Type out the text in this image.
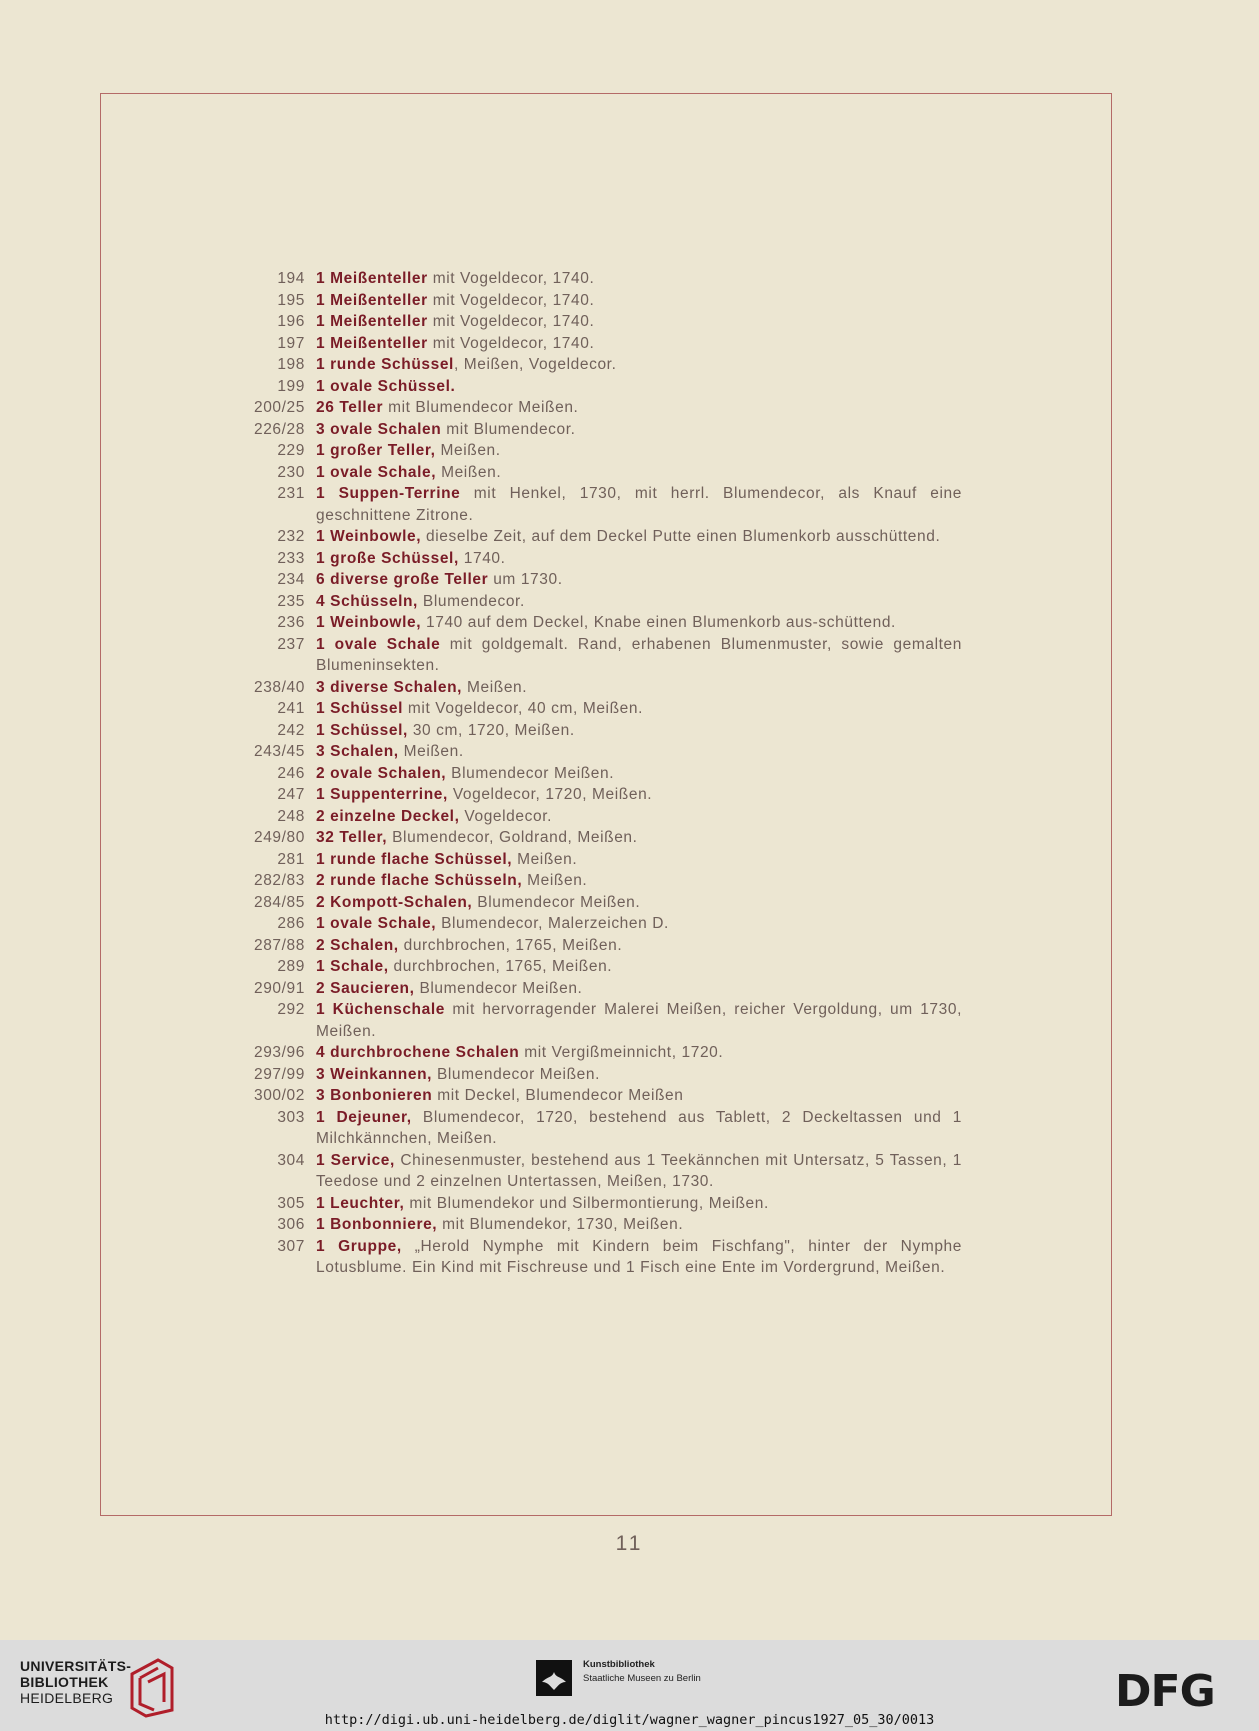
194 1 Meißenteller mit Vogeldecor, 1740.
195 1 Meißenteller mit Vogeldecor, 1740.
196 1 Meißenteller mit Vogeldecor, 1740.
197 1 Meißenteller mit Vogeldecor, 1740.
198 1 runde Schüssel, Meißen, Vogeldecor.
199 1 ovale Schüssel.
200/25 26 Teller mit Blumendecor Meißen.
226/28 3 ovale Schalen mit Blumendecor.
229 1 großer Teller, Meißen.
230 1 ovale Schale, Meißen.
231 1 Suppen-Terrine mit Henkel, 1730, mit herrl. Blumendecor, als Knauf eine geschnittene Zitrone.
232 1 Weinbowle, dieselbe Zeit, auf dem Deckel Putte einen Blumenkorb ausschüttend.
233 1 große Schüssel, 1740.
234 6 diverse große Teller um 1730.
235 4 Schüsseln, Blumendecor.
236 1 Weinbowle, 1740 auf dem Deckel, Knabe einen Blumenkorb aus-schüttend.
237 1 ovale Schale mit goldgemalt. Rand, erhabenen Blumenmuster, sowie gemalten Blumeninsekten.
238/40 3 diverse Schalen, Meißen.
241 1 Schüssel mit Vogeldecor, 40 cm, Meißen.
242 1 Schüssel, 30 cm, 1720, Meißen.
243/45 3 Schalen, Meißen.
246 2 ovale Schalen, Blumendecor Meißen.
247 1 Suppenterrine, Vogeldecor, 1720, Meißen.
248 2 einzelne Deckel, Vogeldecor.
249/80 32 Teller, Blumendecor, Goldrand, Meißen.
281 1 runde flache Schüssel, Meißen.
282/83 2 runde flache Schüsseln, Meißen.
284/85 2 Kompott-Schalen, Blumendecor Meißen.
286 1 ovale Schale, Blumendecor, Malerzeichen D.
287/88 2 Schalen, durchbrochen, 1765, Meißen.
289 1 Schale, durchbrochen, 1765, Meißen.
290/91 2 Saucieren, Blumendecor Meißen.
292 1 Küchenschale mit hervorragender Malerei Meißen, reicher Vergoldung, um 1730, Meißen.
293/96 4 durchbrochene Schalen mit Vergißmeinnicht, 1720.
297/99 3 Weinkannen, Blumendecor Meißen.
300/02 3 Bonbonieren mit Deckel, Blumendecor Meißen
303 1 Dejeuner, Blumendecor, 1720, bestehend aus Tablett, 2 Deckeltassen und 1 Milchkännchen, Meißen.
304 1 Service, Chinesenmuster, bestehend aus 1 Teekännchen mit Untersatz, 5 Tassen, 1 Teedose und 2 einzelnen Untertassen, Meißen, 1730.
305 1 Leuchter, mit Blumendekor und Silbermontierung, Meißen.
306 1 Bonbonniere, mit Blumendekor, 1730, Meißen.
307 1 Gruppe, „Herold Nymphe mit Kindern beim Fischfang", hinter der Nymphe Lotusblume. Ein Kind mit Fischreuse und 1 Fisch eine Ente im Vordergrund, Meißen.
11
UNIVERSITÄTS-
BIBLIOTHEK
HEIDELBERG
Kunstbibliothek
Staatliche Museen zu Berlin	DFG
http://digi.ub.uni-heidelberg.de/diglit/wagner_wagner_pincus1927_05_30/0013
